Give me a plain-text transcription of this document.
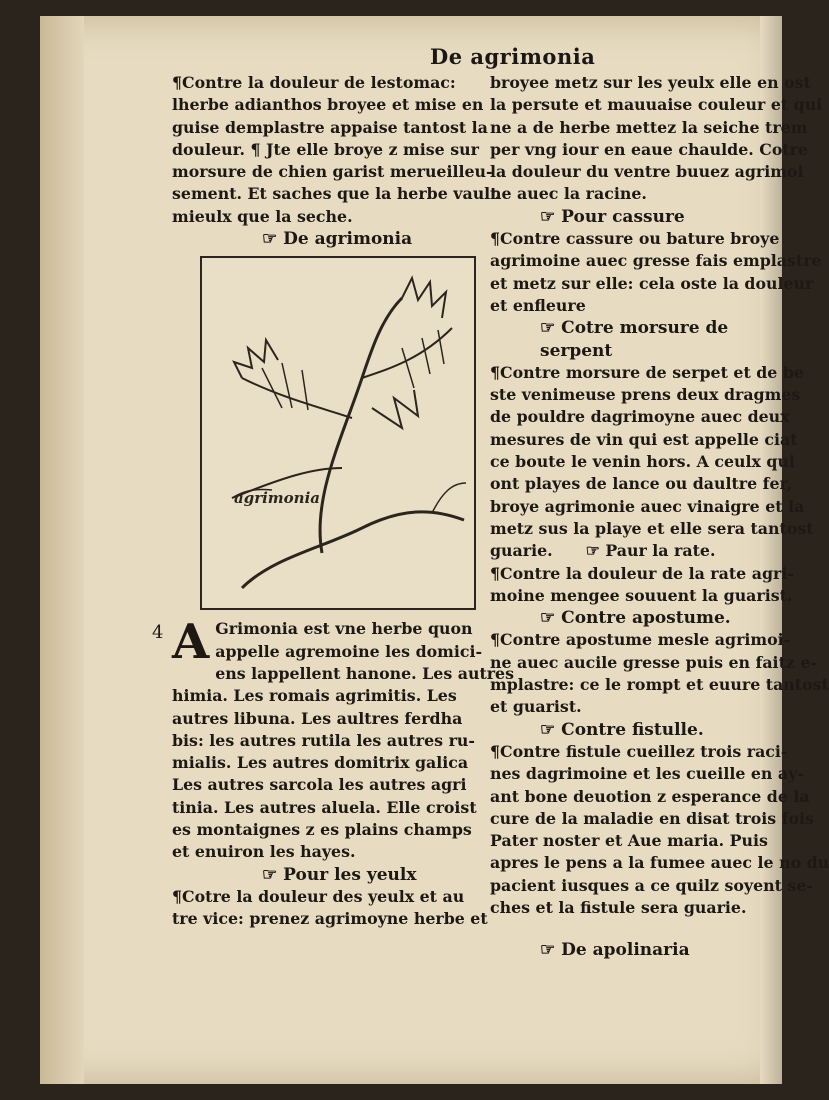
De agrimonia
¶Contre la douleur de lestomac:
lherbe adianthos broyee et mise en
guise demplastre appaise tantost la
douleur. ¶ Jte elle broye z mise sur
morsure de chien garist merueilleu-
sement. Et saches que la herbe vault
mieulx que la seche.
☞ De agrimonia
agrimonia
A Grimonia est vne herbe quon
appelle agremoine les domici-
ens lappellent hanone. Les autres
himia. Les romais agrimitis. Les
autres libuna. Les aultres ferdha
bis: les autres rutila les autres ru-
mialis. Les autres domitrix galica
Les autres sarcola les autres agri
tinia. Les autres aluela. Elle croist
es montaignes z es plains champs
et enuiron les hayes.
☞ Pour les yeulx
¶Cotre la douleur des yeulx et au
tre vice: prenez agrimoyne herbe et
4
broyee metz sur les yeulx elle en ost
la persute et mauuaise couleur et qui
ne a de herbe mettez la seiche trem
per vng iour en eaue chaulde. Cotre
la douleur du ventre buuez agrimoi
ne auec la racine.
☞ Pour cassure
¶Contre cassure ou bature broye
agrimoine auec gresse fais emplastre
et metz sur elle: cela oste la douleur
et enfleure
☞ Cotre morsure de serpent
¶Contre morsure de serpet et de be
ste venimeuse prens deux dragmes
de pouldre dagrimoyne auec deux
mesures de vin qui est appelle ciat
ce boute le venin hors. A ceulx qui
ont playes de lance ou daultre fer,
broye agrimonie auec vinaigre et la
metz sus la playe et elle sera tantost
guarie. ☞ Paur la rate.
¶Contre la douleur de la rate agri-
moine mengee souuent la guarist.
☞ Contre apostume.
¶Contre apostume mesle agrimoi-
ne auec aucile gresse puis en faitz e-
mplastre: ce le rompt et euure tantost
et guarist.
☞ Contre fistulle.
¶Contre fistule cueillez trois raci-
nes dagrimoine et les cueille en ay-
ant bone deuotion z esperance de la
cure de la maladie en disat trois fois
Pater noster et Aue maria. Puis
apres le pens a la fumee auec le no du
pacient iusques a ce quilz soyent se-
ches et la fistule sera guarie.
☞ De apolinaria
